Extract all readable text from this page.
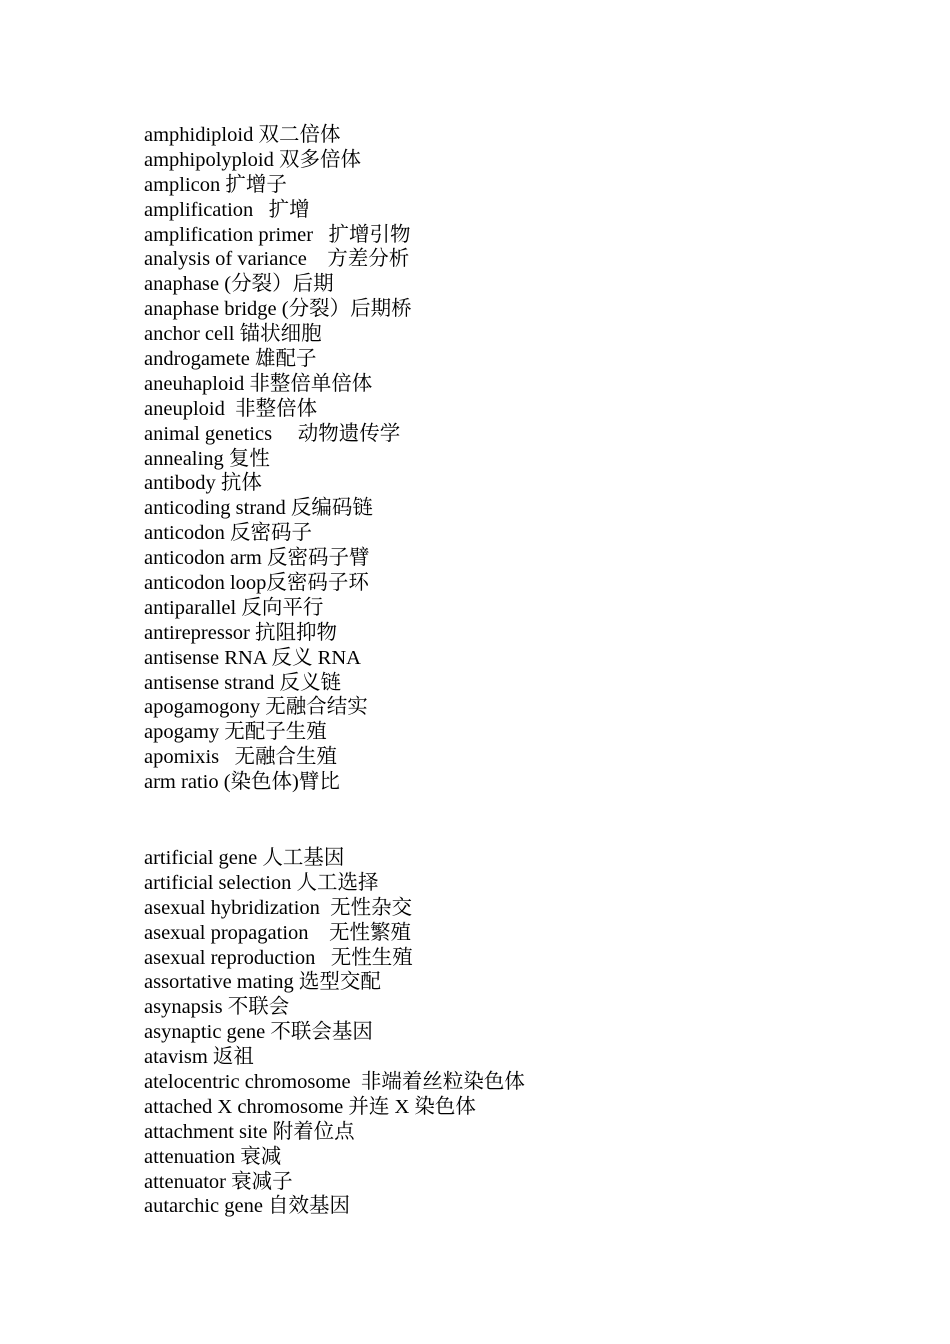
amphidiploid 双二倍体
amphipolyploid 双多倍体
amplicon 扩增子
amplification   扩增
amplification primer   扩增引物
analysis of variance    方差分析
anaphase (分裂）后期
anaphase bridge (分裂）后期桥
anchor cell 锚状细胞
androgamete 雄配子
aneuhaploid 非整倍单倍体
aneuploid  非整倍体
animal genetics     动物遗传学
annealing 复性
antibody 抗体
anticoding strand 反编码链
anticodon 反密码子
anticodon arm 反密码子臂
anticodon loop反密码子环
antiparallel 反向平行
antirepressor 抗阻抑物
antisense RNA 反义 RNA
antisense strand 反义链
apogamogony 无融合结实
apogamy 无配子生殖
apomixis   无融合生殖
arm ratio (染色体)臂比
artificial gene 人工基因
artificial selection 人工选择
asexual hybridization  无性杂交
asexual propagation    无性繁殖
asexual reproduction   无性生殖
assortative mating 选型交配
asynapsis 不联会
asynaptic gene 不联会基因
atavism 返祖
atelocentric chromosome  非端着丝粒染色体
attached X chromosome 并连 X 染色体
attachment site 附着位点
attenuation 衰减
attenuator 衰减子
autarchic gene 自效基因
